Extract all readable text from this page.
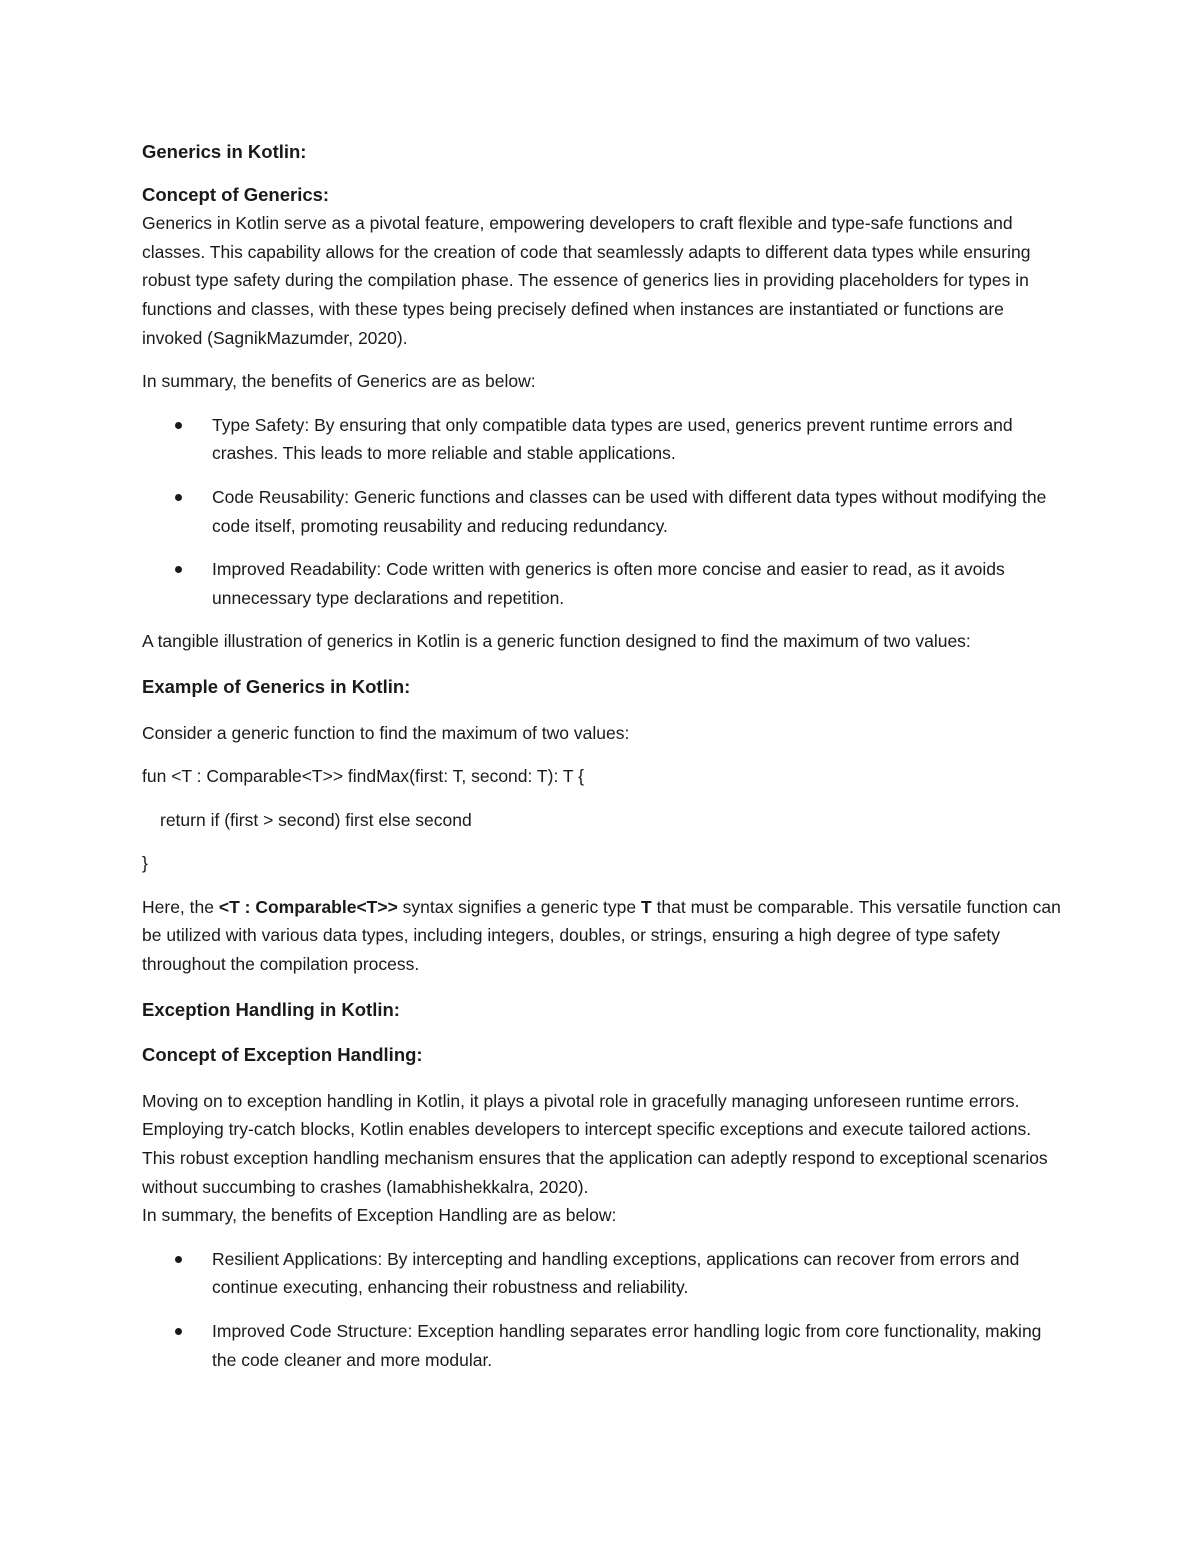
Generics in Kotlin:
Concept of Generics:

Generics in Kotlin serve as a pivotal feature, empowering developers to craft flexible and type-safe functions and classes. This capability allows for the creation of code that seamlessly adapts to different data types while ensuring robust type safety during the compilation phase. The essence of generics lies in providing placeholders for types in functions and classes, with these types being precisely defined when instances are instantiated or functions are invoked (SagnikMazumder, 2020).

In summary, the benefits of Generics are as below:

Type Safety: By ensuring that only compatible data types are used, generics prevent runtime errors and crashes. This leads to more reliable and stable applications.
Code Reusability: Generic functions and classes can be used with different data types without modifying the code itself, promoting reusability and reducing redundancy.
Improved Readability: Code written with generics is often more concise and easier to read, as it avoids unnecessary type declarations and repetition.

A tangible illustration of generics in Kotlin is a generic function designed to find the maximum of two values:

Example of Generics in Kotlin:

Consider a generic function to find the maximum of two values:

fun <T : Comparable<T>> findMax(first: T, second: T): T {

return if (first > second) first else second

}

Here, the <T : Comparable<T>> syntax signifies a generic type T that must be comparable. This versatile function can be utilized with various data types, including integers, doubles, or strings, ensuring a high degree of type safety throughout the compilation process.

Exception Handling in Kotlin:
Concept of Exception Handling:

Moving on to exception handling in Kotlin, it plays a pivotal role in gracefully managing unforeseen runtime errors. Employing try-catch blocks, Kotlin enables developers to intercept specific exceptions and execute tailored actions. This robust exception handling mechanism ensures that the application can adeptly respond to exceptional scenarios without succumbing to crashes (Iamabhishekkalra, 2020).

In summary, the benefits of Exception Handling are as below:

Resilient Applications: By intercepting and handling exceptions, applications can recover from errors and continue executing, enhancing their robustness and reliability.
Improved Code Structure: Exception handling separates error handling logic from core functionality, making the code cleaner and more modular.
